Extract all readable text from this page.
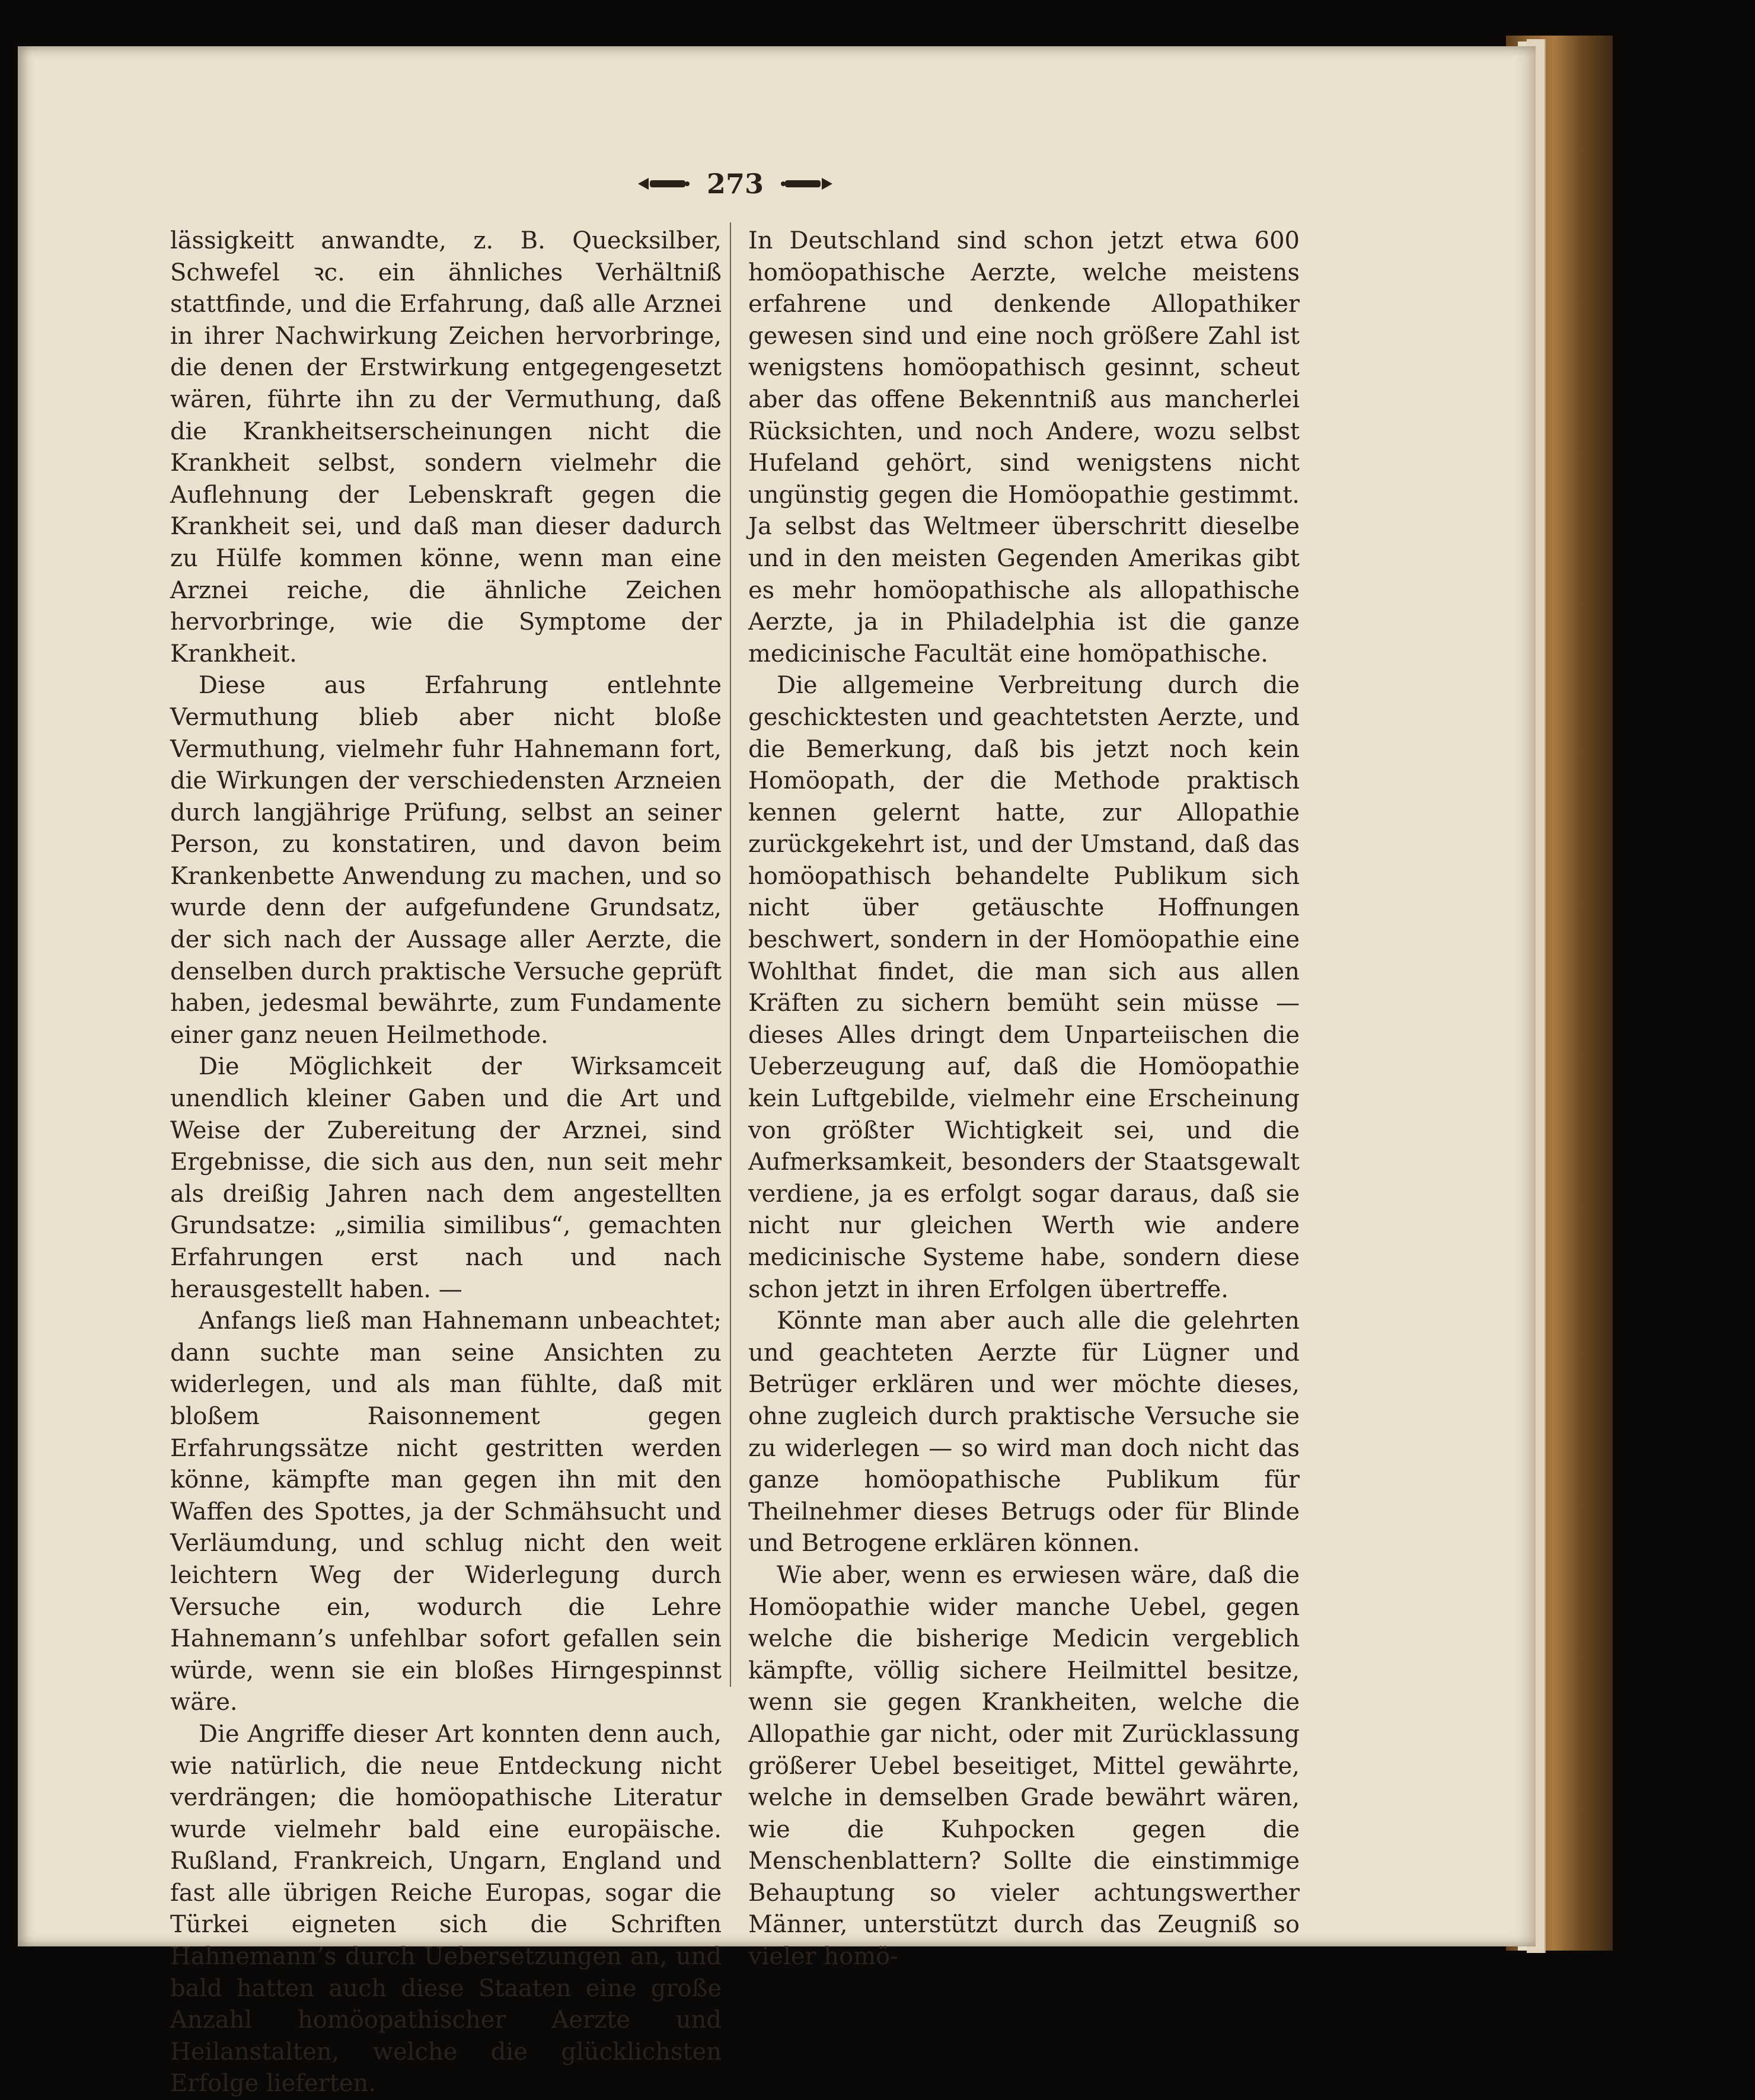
273

lässigkeitt anwandte, z. B. Quecksilber, Schwefel ꝛc. ein ähnliches Verhältniß stattfinde, und die Erfahrung, daß alle Arznei in ihrer Nachwirkung Zeichen hervorbringe, die denen der Erstwirkung entgegengesetzt wären, führte ihn zu der Vermuthung, daß die Krankheitserscheinungen nicht die Krankheit selbst, sondern vielmehr die Auflehnung der Lebenskraft gegen die Krankheit sei, und daß man dieser dadurch zu Hülfe kommen könne, wenn man eine Arznei reiche, die ähnliche Zeichen hervorbringe, wie die Symptome der Krankheit.

Diese aus Erfahrung entlehnte Vermuthung blieb aber nicht bloße Vermuthung, vielmehr fuhr Hahnemann fort, die Wirkungen der verschiedensten Arzneien durch langjährige Prüfung, selbst an seiner Person, zu konstatiren, und davon beim Krankenbette Anwendung zu machen, und so wurde denn der aufgefundene Grundsatz, der sich nach der Aussage aller Aerzte, die denselben durch praktische Versuche geprüft haben, jedesmal bewährte, zum Fundamente einer ganz neuen Heilmethode.

Die Möglichkeit der Wirksamceit unendlich kleiner Gaben und die Art und Weise der Zubereitung der Arznei, sind Ergebnisse, die sich aus den, nun seit mehr als dreißig Jahren nach dem angestellten Grundsatze: „similia similibus“, gemachten Erfahrungen erst nach und nach herausgestellt haben. —

Anfangs ließ man Hahnemann unbeachtet; dann suchte man seine Ansichten zu widerlegen, und als man fühlte, daß mit bloßem Raisonnement gegen Erfahrungssätze nicht gestritten werden könne, kämpfte man gegen ihn mit den Waffen des Spottes, ja der Schmähsucht und Verläumdung, und schlug nicht den weit leichtern Weg der Widerlegung durch Versuche ein, wodurch die Lehre Hahnemann’s unfehlbar sofort gefallen sein würde, wenn sie ein bloßes Hirngespinnst wäre.

Die Angriffe dieser Art konnten denn auch, wie natürlich, die neue Entdeckung nicht verdrängen; die homöopathische Literatur wurde vielmehr bald eine europäische. Rußland, Frankreich, Ungarn, England und fast alle übrigen Reiche Europas, sogar die Türkei eigneten sich die Schriften Hahnemann’s durch Uebersetzungen an, und bald hatten auch diese Staaten eine große Anzahl homöopathischer Aerzte und Heilanstalten, welche die glücklichsten Erfolge lieferten.

In Deutschland sind schon jetzt etwa 600 homöopathische Aerzte, welche meistens erfahrene und denkende Allopathiker gewesen sind und eine noch größere Zahl ist wenigstens homöopathisch gesinnt, scheut aber das offene Bekenntniß aus mancherlei Rücksichten, und noch Andere, wozu selbst Hufeland gehört, sind wenigstens nicht ungünstig gegen die Homöopathie gestimmt. Ja selbst das Weltmeer überschritt dieselbe und in den meisten Gegenden Amerikas gibt es mehr homöopathische als allopathische Aerzte, ja in Philadelphia ist die ganze medicinische Facultät eine homöpathische.

Die allgemeine Verbreitung durch die geschicktesten und geachtetsten Aerzte, und die Bemerkung, daß bis jetzt noch kein Homöopath, der die Methode praktisch kennen gelernt hatte, zur Allopathie zurückgekehrt ist, und der Umstand, daß das homöopathisch behandelte Publikum sich nicht über getäuschte Hoffnungen beschwert, sondern in der Homöopathie eine Wohlthat findet, die man sich aus allen Kräften zu sichern bemüht sein müsse — dieses Alles dringt dem Unparteiischen die Ueberzeugung auf, daß die Homöopathie kein Luftgebilde, vielmehr eine Erscheinung von größter Wichtigkeit sei, und die Aufmerksamkeit, besonders der Staatsgewalt verdiene, ja es erfolgt sogar daraus, daß sie nicht nur gleichen Werth wie andere medicinische Systeme habe, sondern diese schon jetzt in ihren Erfolgen übertreffe.

Könnte man aber auch alle die gelehrten und geachteten Aerzte für Lügner und Betrüger erklären und wer möchte dieses, ohne zugleich durch praktische Versuche sie zu widerlegen — so wird man doch nicht das ganze homöopathische Publikum für Theilnehmer dieses Betrugs oder für Blinde und Betrogene erklären können.

Wie aber, wenn es erwiesen wäre, daß die Homöopathie wider manche Uebel, gegen welche die bisherige Medicin vergeblich kämpfte, völlig sichere Heilmittel besitze, wenn sie gegen Krankheiten, welche die Allopathie gar nicht, oder mit Zurücklassung größerer Uebel beseitiget, Mittel gewährte, welche in demselben Grade bewährt wären, wie die Kuhpocken gegen die Menschenblattern? Sollte die einstimmige Behauptung so vieler achtungswerther Männer, unterstützt durch das Zeugniß so vieler homö-
